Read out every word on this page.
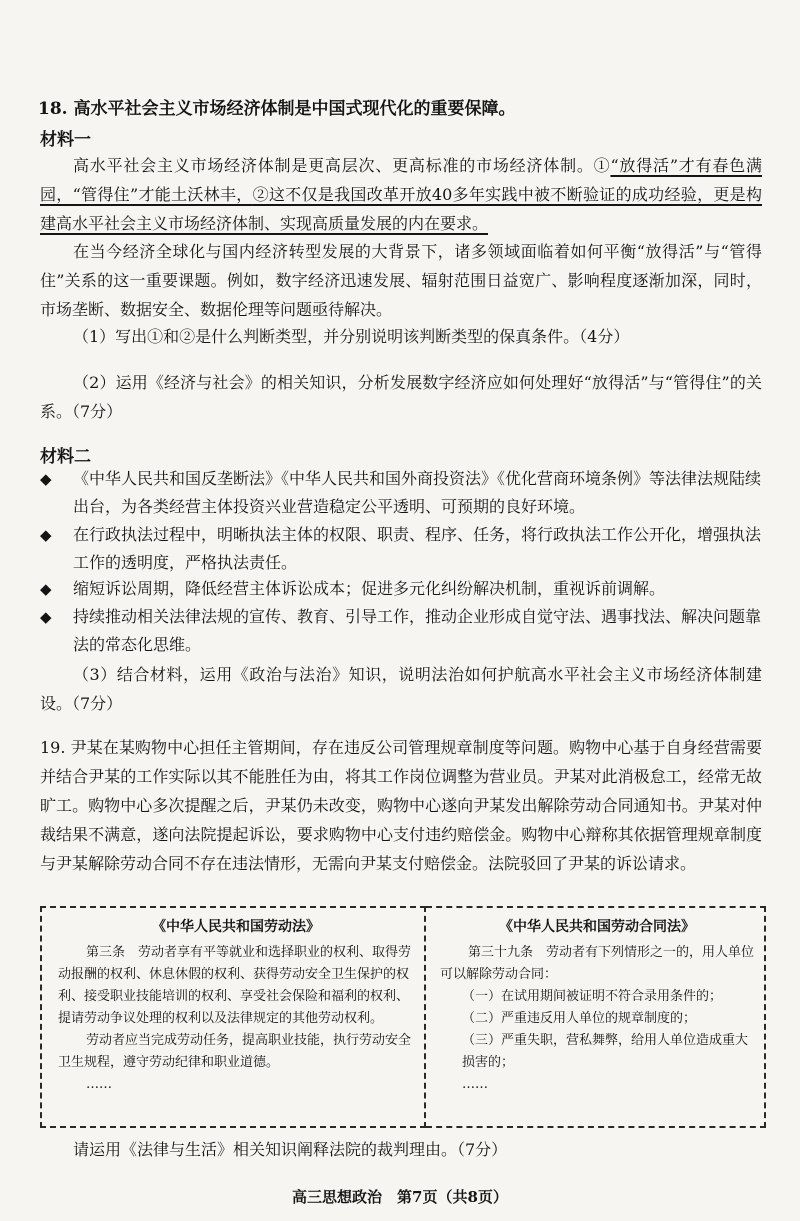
18. 高水平社会主义市场经济体制是中国式现代化的重要保障。
材料一
高水平社会主义市场经济体制是更高层次、更高标准的市场经济体制。①“放得活”才有春色满园，“管得住”才能土沃林丰，②这不仅是我国改革开放40多年实践中被不断验证的成功经验，更是构建高水平社会主义市场经济体制、实现高质量发展的内在要求。
在当今经济全球化与国内经济转型发展的大背景下，诸多领域面临着如何平衡“放得活”与“管得住”关系的这一重要课题。例如，数字经济迅速发展、辐射范围日益宽广、影响程度逐渐加深，同时，市场垄断、数据安全、数据伦理等问题亟待解决。
（1）写出①和②是什么判断类型，并分别说明该判断类型的保真条件。（4分）
（2）运用《经济与社会》的相关知识，分析发展数字经济应如何处理好“放得活”与“管得住”的关系。（7分）
材料二
◆ 《中华人民共和国反垄断法》《中华人民共和国外商投资法》《优化营商环境条例》等法律法规陆续出台，为各类经营主体投资兴业营造稳定公平透明、可预期的良好环境。
◆ 在行政执法过程中，明晰执法主体的权限、职责、程序、任务，将行政执法工作公开化，增强执法工作的透明度，严格执法责任。
◆ 缩短诉讼周期，降低经营主体诉讼成本；促进多元化纠纷解决机制，重视诉前调解。
◆ 持续推动相关法律法规的宣传、教育、引导工作，推动企业形成自觉守法、遇事找法、解决问题靠法的常态化思维。
（3）结合材料，运用《政治与法治》知识，说明法治如何护航高水平社会主义市场经济体制建设。（7分）
19. 尹某在某购物中心担任主管期间，存在违反公司管理规章制度等问题。购物中心基于自身经营需要并结合尹某的工作实际以其不能胜任为由，将其工作岗位调整为营业员。尹某对此消极怠工，经常无故旷工。购物中心多次提醒之后，尹某仍未改变，购物中心遂向尹某发出解除劳动合同通知书。尹某对仲裁结果不满意，遂向法院提起诉讼，要求购物中心支付违约赔偿金。购物中心辩称其依据管理规章制度与尹某解除劳动合同不存在违法情形，无需向尹某支付赔偿金。法院驳回了尹某的诉讼请求。
《中华人民共和国劳动法》
第三条　劳动者享有平等就业和选择职业的权利、取得劳动报酬的权利、休息休假的权利、获得劳动安全卫生保护的权利、接受职业技能培训的权利、享受社会保险和福利的权利、提请劳动争议处理的权利以及法律规定的其他劳动权利。
劳动者应当完成劳动任务，提高职业技能，执行劳动安全卫生规程，遵守劳动纪律和职业道德。
……
《中华人民共和国劳动合同法》
第三十九条　劳动者有下列情形之一的，用人单位可以解除劳动合同：
（一）在试用期间被证明不符合录用条件的；
（二）严重违反用人单位的规章制度的；
（三）严重失职，营私舞弊，给用人单位造成重大损害的；
……
请运用《法律与生活》相关知识阐释法院的裁判理由。（7分）
高三思想政治　第7页（共8页）
